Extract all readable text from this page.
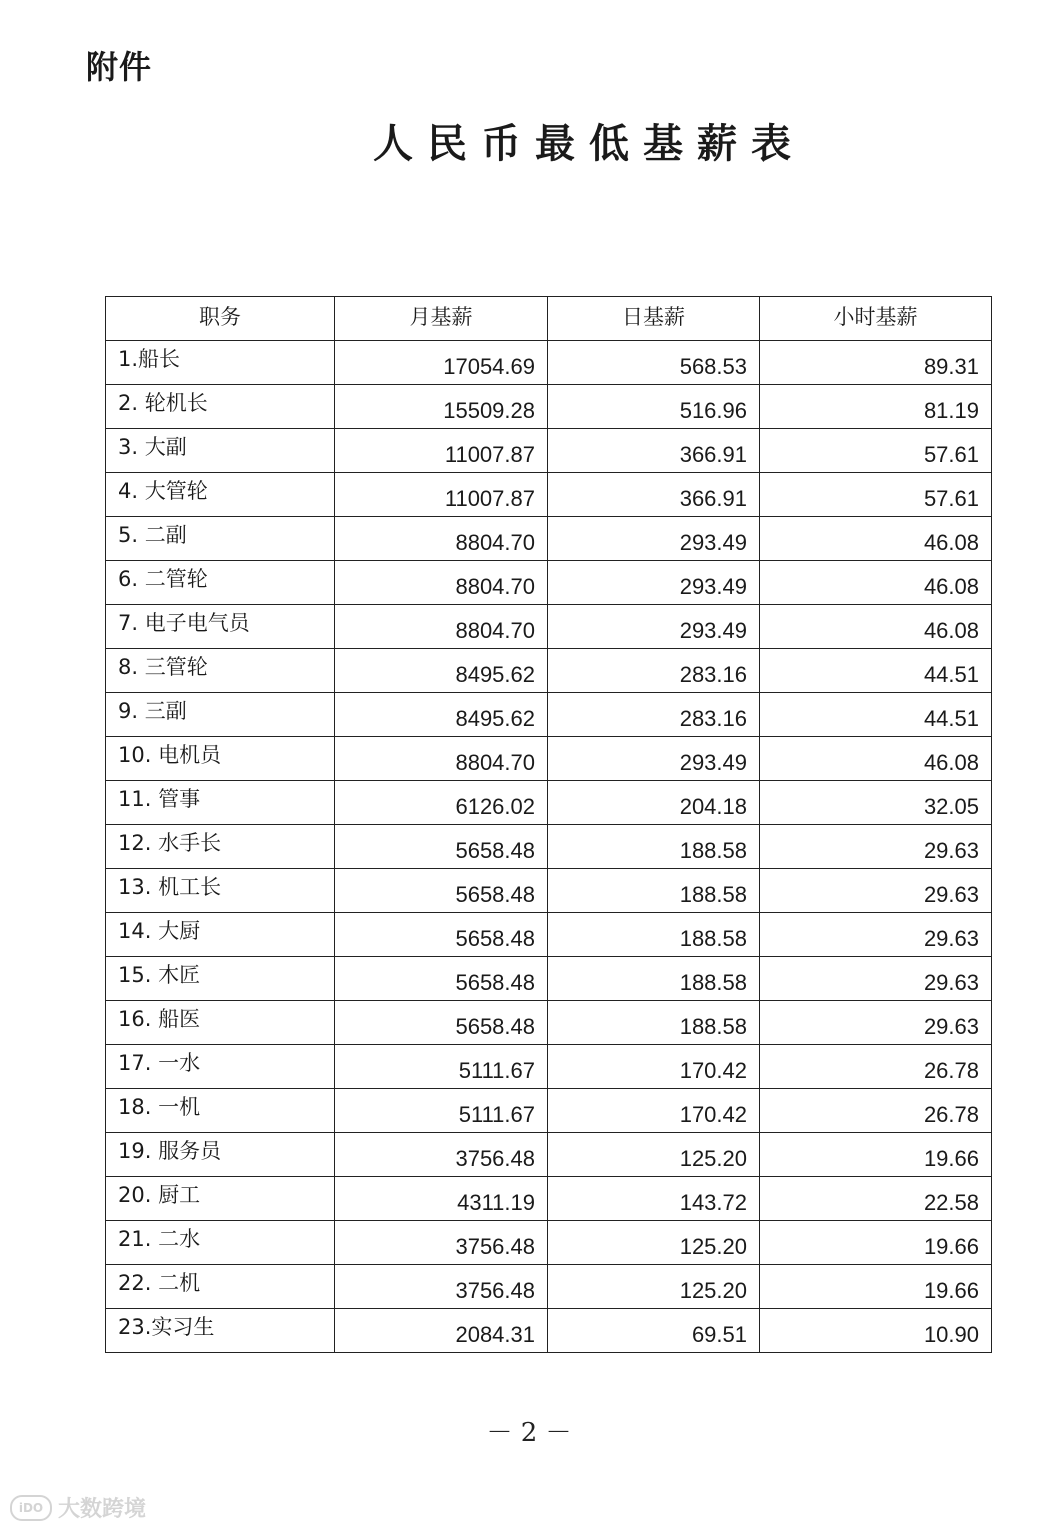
附件
人民币最低基薪表
职务	月基薪	日基薪	小时基薪
1.船长	17054.69	568.53	89.31
2. 轮机长	15509.28	516.96	81.19
3. 大副	11007.87	366.91	57.61
4. 大管轮	11007.87	366.91	57.61
5. 二副	8804.70	293.49	46.08
6. 二管轮	8804.70	293.49	46.08
7. 电子电气员	8804.70	293.49	46.08
8. 三管轮	8495.62	283.16	44.51
9. 三副	8495.62	283.16	44.51
10. 电机员	8804.70	293.49	46.08
11. 管事	6126.02	204.18	32.05
12. 水手长	5658.48	188.58	29.63
13. 机工长	5658.48	188.58	29.63
14. 大厨	5658.48	188.58	29.63
15. 木匠	5658.48	188.58	29.63
16. 船医	5658.48	188.58	29.63
17. 一水	5111.67	170.42	26.78
18. 一机	5111.67	170.42	26.78
19. 服务员	3756.48	125.20	19.66
20. 厨工	4311.19	143.72	22.58
21. 二水	3756.48	125.20	19.66
22. 二机	3756.48	125.20	19.66
23.实习生	2084.31	69.51	10.90
－ 2 －
iDO 大数跨境
